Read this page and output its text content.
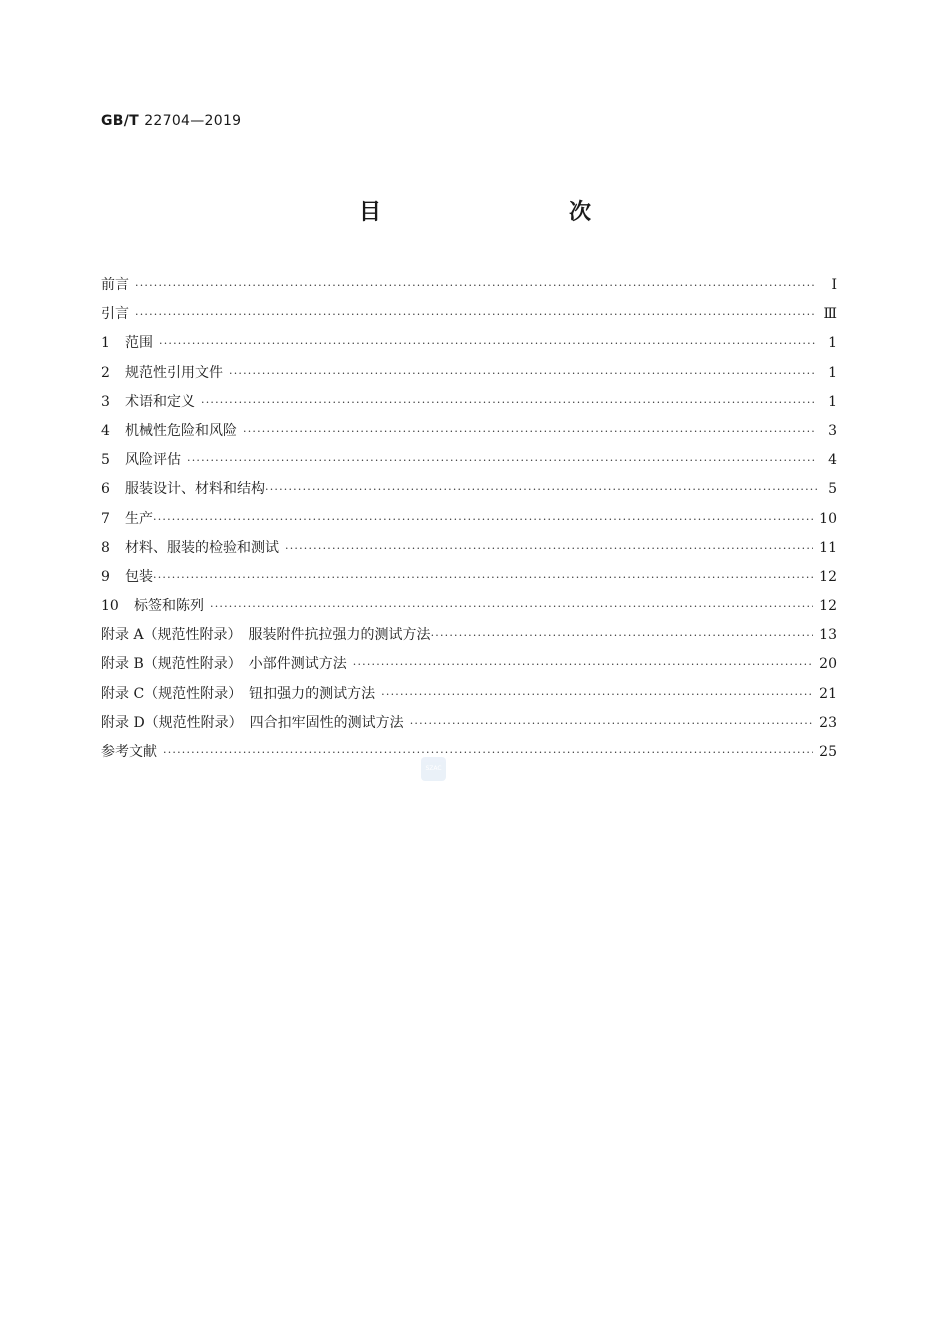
GB/T 22704—2019
目　　次
前言 ·····	Ⅰ
引言 ·····	Ⅲ
1	范围 ·····	1
2	规范性引用文件 ·····	1
3	术语和定义 ·····	1
4	机械性危险和风险 ·····	3
5	风险评估 ·····	4
6	服装设计、材料和结构 ·····	5
7	生产 ·····	10
8	材料、服装的检验和测试 ·····	11
9	包装 ·····	12
10	标签和陈列 ·····	12
附录 A（规范性附录）　服装附件抗拉强力的测试方法 ·····	13
附录 B（规范性附录）　小部件测试方法 ·····	20
附录 C（规范性附录）　钮扣强力的测试方法 ·····	21
附录 D（规范性附录）　四合扣牢固性的测试方法 ·····	23
参考文献 ·····	25
SZAC
